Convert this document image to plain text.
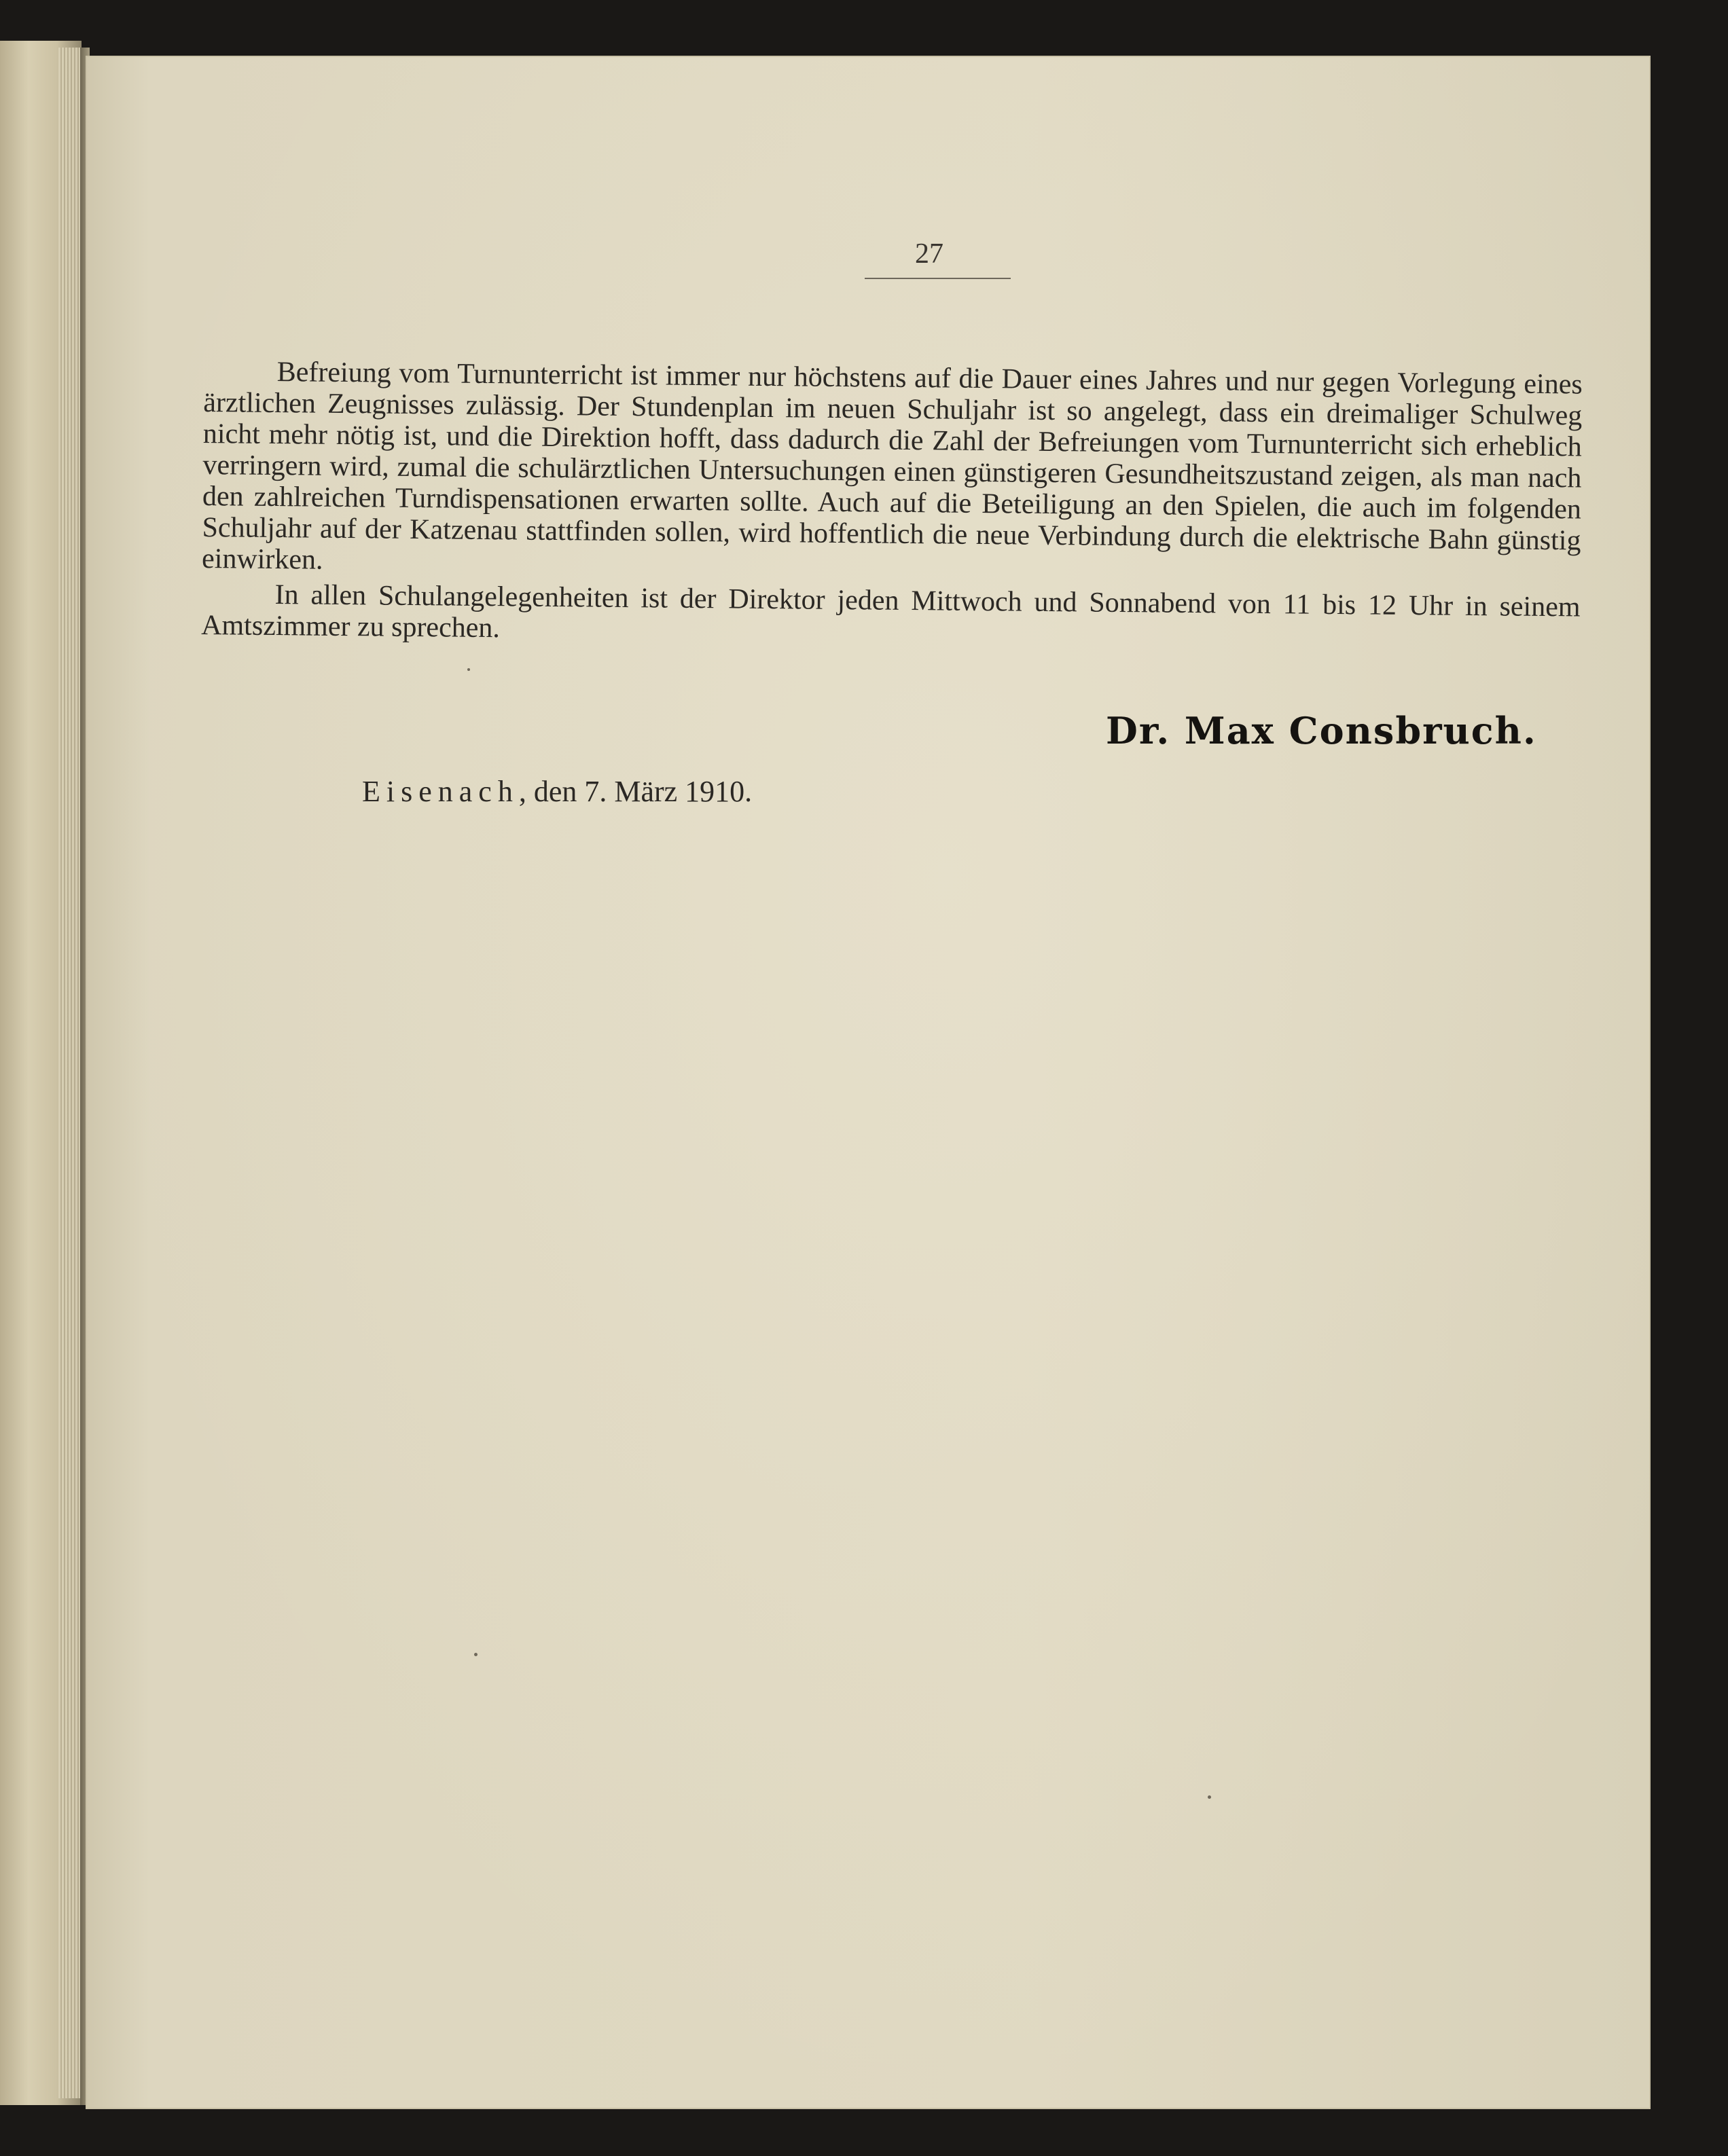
27

Befreiung vom Turnunterricht ist immer nur höchstens auf die Dauer eines Jahres und nur gegen Vorlegung eines ärztlichen Zeugnisses zulässig. Der Stundenplan im neuen Schuljahr ist so angelegt, dass ein dreimaliger Schulweg nicht mehr nötig ist, und die Direktion hofft, dass dadurch die Zahl der Befreiungen vom Turnunterricht sich erheblich verringern wird, zumal die schulärztlichen Untersuchungen einen günstigeren Gesundheitszustand zeigen, als man nach den zahlreichen Turndispensationen erwarten sollte. Auch auf die Beteiligung an den Spielen, die auch im folgenden Schuljahr auf der Katzenau stattfinden sollen, wird hoffentlich die neue Verbindung durch die elektrische Bahn günstig einwirken.

In allen Schulangelegenheiten ist der Direktor jeden Mittwoch und Sonnabend von 11 bis 12 Uhr in seinem Amtszimmer zu sprechen.

Dr. Max Consbruch.
Eisenach, den 7. März 1910.
